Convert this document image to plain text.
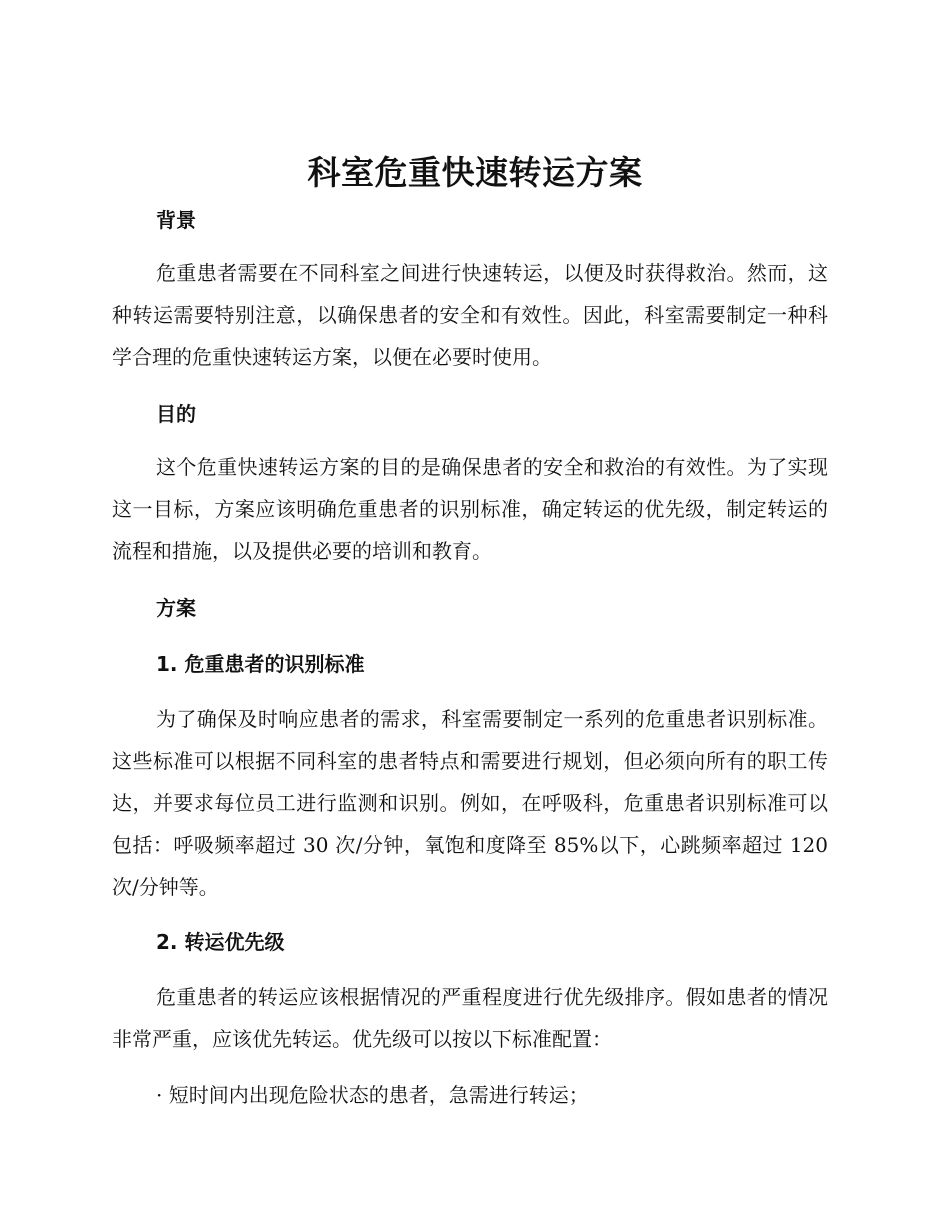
科室危重快速转运方案
背景

危重患者需要在不同科室之间进行快速转运，以便及时获得救治。然而，这种转运需要特别注意，以确保患者的安全和有效性。因此，科室需要制定一种科学合理的危重快速转运方案，以便在必要时使用。

目的

这个危重快速转运方案的目的是确保患者的安全和救治的有效性。为了实现这一目标，方案应该明确危重患者的识别标准，确定转运的优先级，制定转运的流程和措施，以及提供必要的培训和教育。

方案
1. 危重患者的识别标准

为了确保及时响应患者的需求，科室需要制定一系列的危重患者识别标准。这些标准可以根据不同科室的患者特点和需要进行规划，但必须向所有的职工传达，并要求每位员工进行监测和识别。例如，在呼吸科，危重患者识别标准可以包括：呼吸频率超过 30 次/分钟，氧饱和度降至 85%以下，心跳频率超过 120 次/分钟等。

2. 转运优先级

危重患者的转运应该根据情况的严重程度进行优先级排序。假如患者的情况非常严重，应该优先转运。优先级可以按以下标准配置：

· 短时间内出现危险状态的患者，急需进行转运；
